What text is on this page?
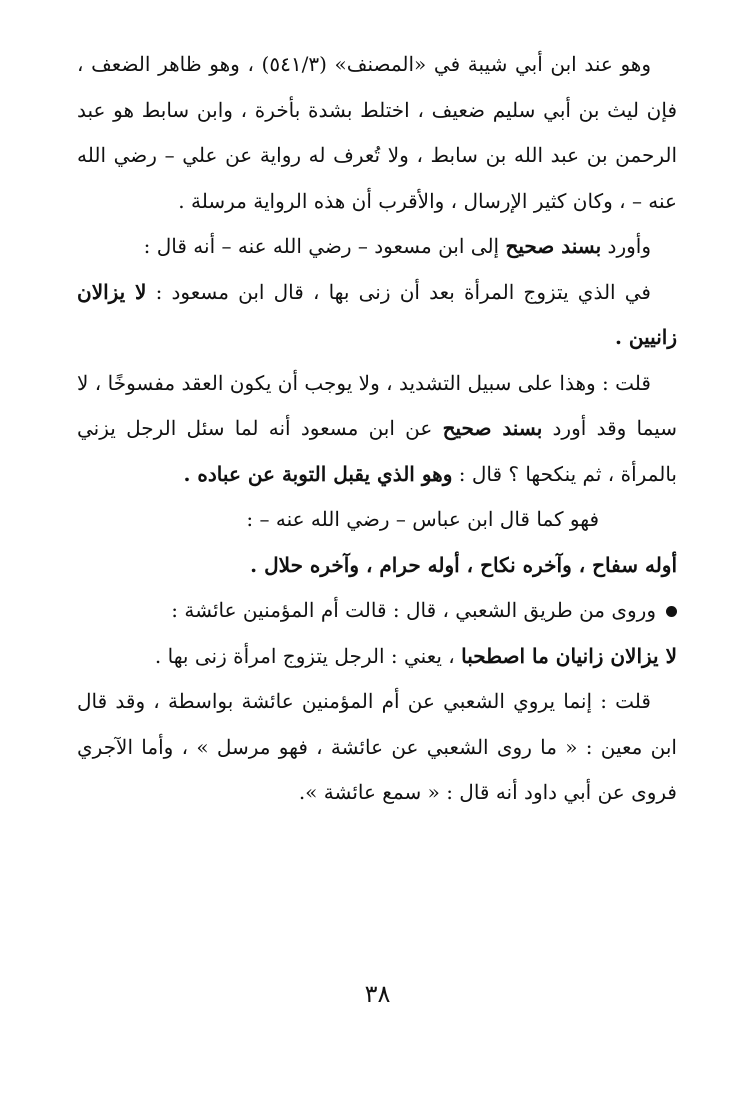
وهو عند ابن أبي شيبة في «المصنف» (٥٤١/٣) ، وهو ظاهر الضعف ، فإن ليث بن أبي سليم ضعيف ، اختلط بشدة بأخرة ، وابن سابط هو عبد الرحمن بن عبد الله بن سابط ، ولا تُعرف له رواية عن علي – رضي الله عنه – ، وكان كثير الإرسال ، والأقرب أن هذه الرواية مرسلة .

وأورد بسند صحيح إلى ابن مسعود – رضي الله عنه – أنه قال :

في الذي يتزوج المرأة بعد أن زنى بها ، قال ابن مسعود : لا يزالان زانيين .

قلت : وهذا على سبيل التشديد ، ولا يوجب أن يكون العقد مفسوخًا ، لا سيما وقد أورد بسند صحيح عن ابن مسعود أنه لما سئل الرجل يزني بالمرأة ، ثم ينكحها ؟ قال : وهو الذي يقبل التوبة عن عباده .

فهو كما قال ابن عباس – رضي الله عنه – :

أوله سفاح ، وآخره نكاح ، أوله حرام ، وآخره حلال .

وروى من طريق الشعبي ، قال : قالت أم المؤمنين عائشة :

لا يزالان زانيان ما اصطحبا ، يعني : الرجل يتزوج امرأة زنى بها .

قلت : إنما يروي الشعبي عن أم المؤمنين عائشة بواسطة ، وقد قال ابن معين : « ما روى الشعبي عن عائشة ، فهو مرسل » ، وأما الآجري فروى عن أبي داود أنه قال : « سمع عائشة ».

٣٨
